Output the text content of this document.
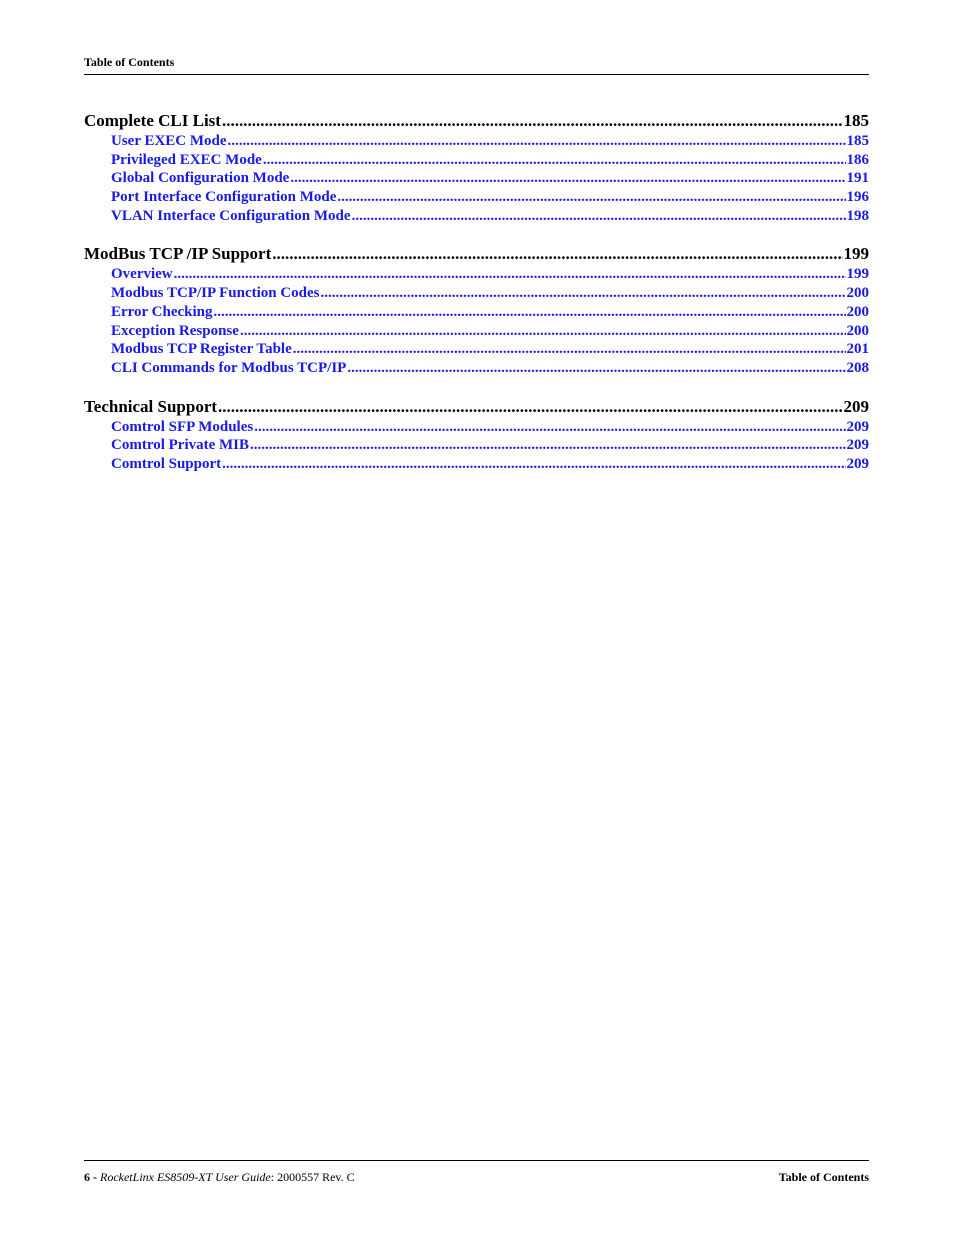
Table of Contents
Complete CLI List .....	185
User EXEC Mode .....	185
Privileged EXEC Mode .....	186
Global Configuration Mode .....	191
Port Interface Configuration Mode .....	196
VLAN Interface Configuration Mode .....	198
ModBus TCP /IP Support .....	199
Overview .....	199
Modbus TCP/IP Function Codes .....	200
Error Checking .....	200
Exception Response .....	200
Modbus TCP Register Table .....	201
CLI Commands for Modbus TCP/IP .....	208
Technical Support .....	209
Comtrol SFP Modules .....	209
Comtrol Private MIB .....	209
Comtrol Support .....	209
6 - RocketLinx ES8509-XT User Guide: 2000557 Rev. C	Table of Contents
